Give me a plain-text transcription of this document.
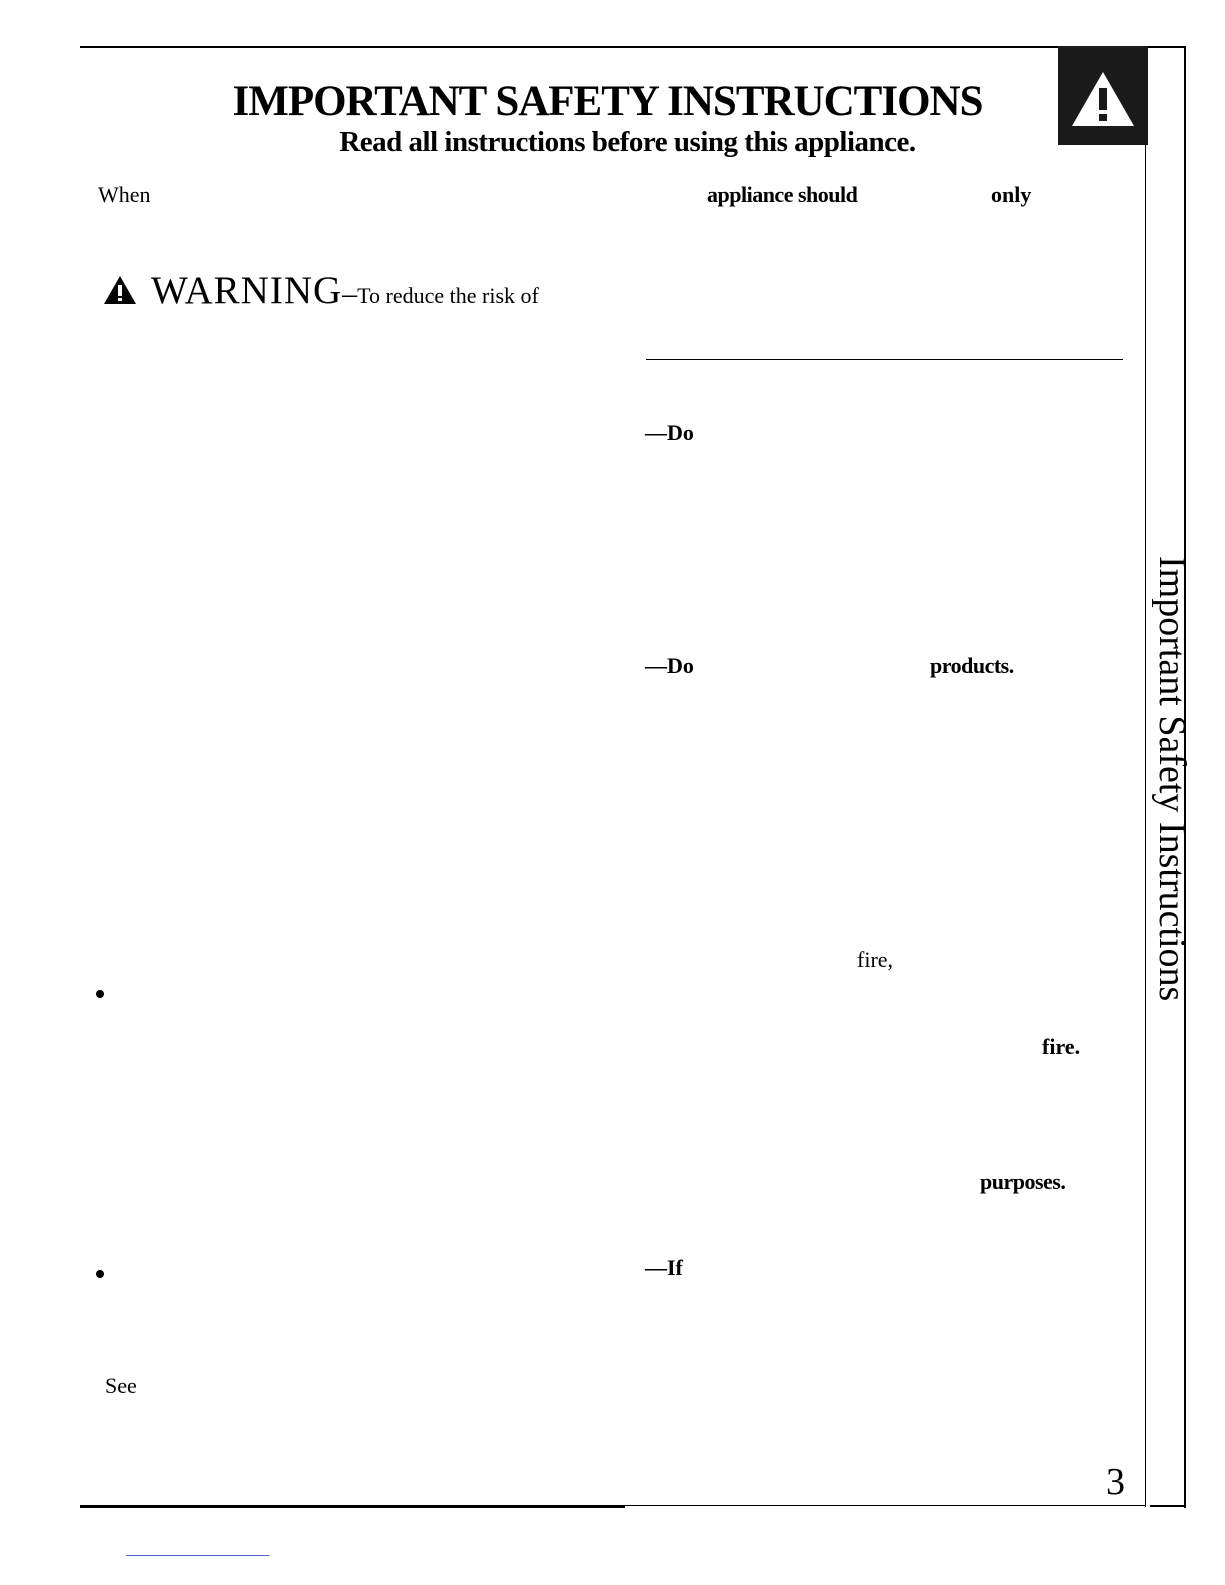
IMPORTANT SAFETY INSTRUCTIONS
Read all instructions before using this appliance.
When	appliance should	only
WARNING–To reduce the risk of
—Do
—Do	products.
fire,
fire.
purposes.
—If
See
Important Safety Instructions
3
